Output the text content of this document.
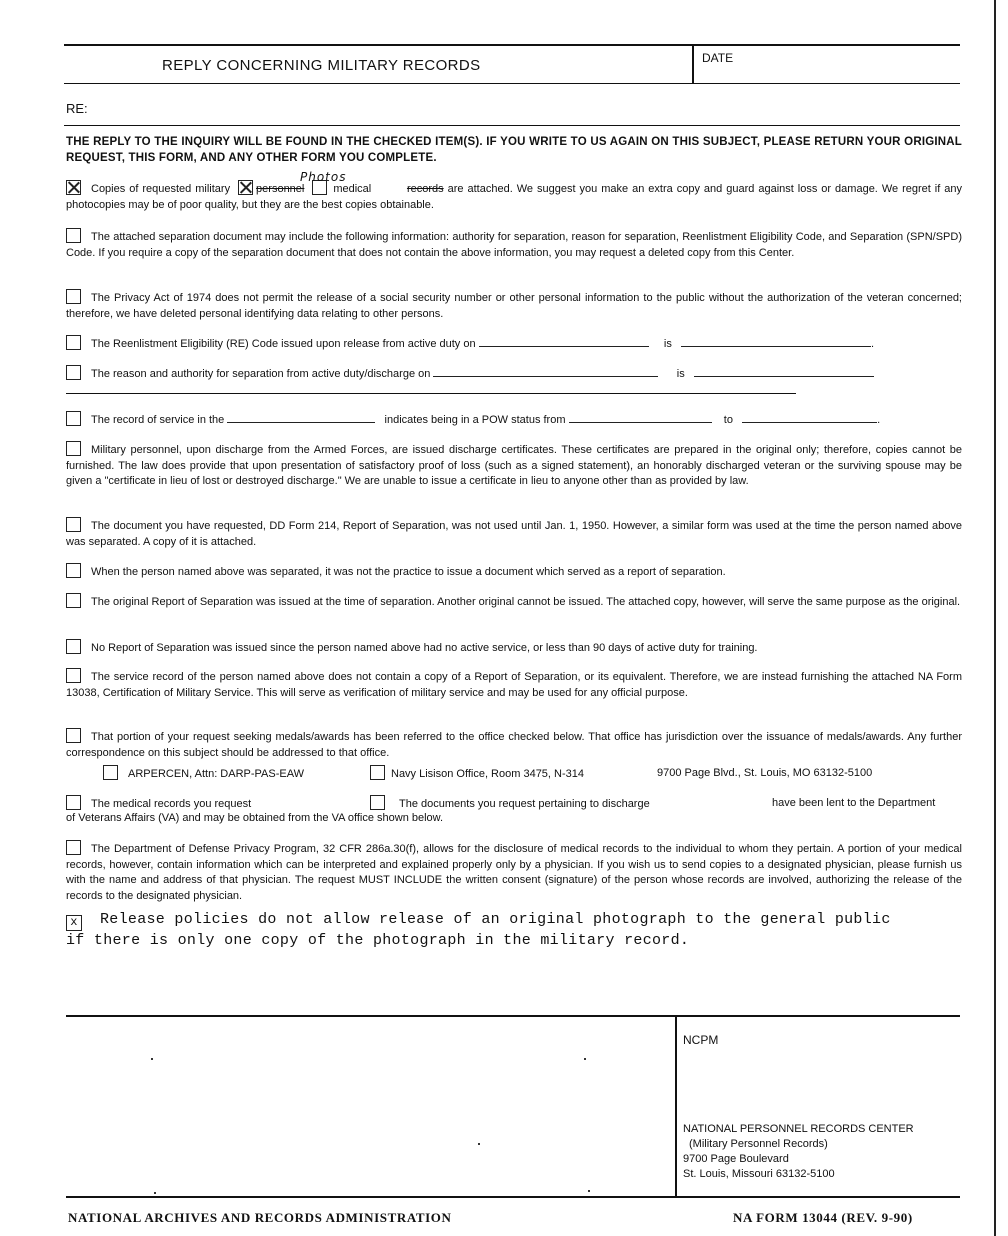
REPLY CONCERNING MILITARY RECORDS	DATE
RE:
THE REPLY TO THE INQUIRY WILL BE FOUND IN THE CHECKED ITEM(S). IF YOU WRITE TO US AGAIN ON THIS SUBJECT, PLEASE RETURN YOUR ORIGINAL REQUEST, THIS FORM, AND ANY OTHER FORM YOU COMPLETE.
Copies of requested military personnel	medical	records are attached. We suggest you make an extra copy and guard against loss or damage. We regret if any photocopies may be of poor quality, but they are the best copies obtainable.
Photos
The attached separation document may include the following information: authority for separation, reason for separation, Reenlistment Eligibility Code, and Separation (SPN/SPD) Code. If you require a copy of the separation document that does not contain the above information, you may request a deleted copy from this Center.
The Privacy Act of 1974 does not permit the release of a social security number or other personal information to the public without the authorization of the veteran concerned; therefore, we have deleted personal identifying data relating to other persons.
The Reenlistment Eligibility (RE) Code issued upon release from active duty on	is	.
The reason and authority for separation from active duty/discharge on	is
The record of service in the	indicates being in a POW status from	to	.
Military personnel, upon discharge from the Armed Forces, are issued discharge certificates. These certificates are prepared in the original only; therefore, copies cannot be furnished. The law does provide that upon presentation of satisfactory proof of loss (such as a signed statement), an honorably discharged veteran or the surviving spouse may be given a "certificate in lieu of lost or destroyed discharge." We are unable to issue a certificate in lieu to anyone other than as provided by law.
The document you have requested, DD Form 214, Report of Separation, was not used until Jan. 1, 1950. However, a similar form was used at the time the person named above was separated. A copy of it is attached.
When the person named above was separated, it was not the practice to issue a document which served as a report of separation.
The original Report of Separation was issued at the time of separation. Another original cannot be issued. The attached copy, however, will serve the same purpose as the original.
No Report of Separation was issued since the person named above had no active service, or less than 90 days of active duty for training.
The service record of the person named above does not contain a copy of a Report of Separation, or its equivalent. Therefore, we are instead furnishing the attached NA Form 13038, Certification of Military Service. This will serve as verification of military service and may be used for any official purpose.
That portion of your request seeking medals/awards has been referred to the office checked below. That office has jurisdiction over the issuance of medals/awards. Any further correspondence on this subject should be addressed to that office.
ARPERCEN, Attn: DARP-PAS-EAW	Navy Lisison Office, Room 3475, N-314	9700 Page Blvd., St. Louis, MO 63132-5100
The medical records you request	The documents you request pertaining to discharge	have been lent to the Department
of Veterans Affairs (VA) and may be obtained from the VA office shown below.
The Department of Defense Privacy Program, 32 CFR 286a.30(f), allows for the disclosure of medical records to the individual to whom they pertain. A portion of your medical records, however, contain information which can be interpreted and explained properly only by a physician. If you wish us to send copies to a designated physician, please furnish us with the name and address of that physician. The request MUST INCLUDE the written consent (signature) of the person whose records are involved, authorizing the release of the records to the designated physician.
x Release policies do not allow release of an original photograph to the general public
if there is only one copy of the photograph in the military record.
NCPM
NATIONAL PERSONNEL RECORDS CENTER
(Military Personnel Records)
9700 Page Boulevard
St. Louis, Missouri 63132-5100
NATIONAL ARCHIVES AND RECORDS ADMINISTRATION	NA FORM 13044 (REV. 9-90)
